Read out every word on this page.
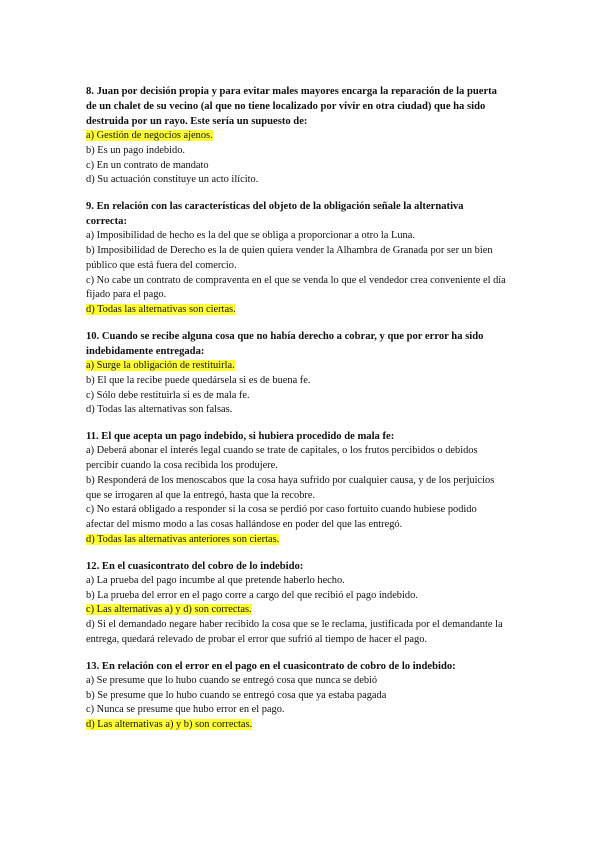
8. Juan por decisión propia y para evitar males mayores encarga la reparación de la puerta de un chalet de su vecino (al que no tiene localizado por vivir en otra ciudad) que ha sido destruida por un rayo. Este sería un supuesto de:

a) Gestión de negocios ajenos.

b) Es un pago indebido.

c) En un contrato de mandato

d) Su actuación constituye un acto ilícito.

9. En relación con las características del objeto de la obligación señale la alternativa correcta:

a) Imposibilidad de hecho es la del que se obliga a proporcionar a otro la Luna.

b) Imposibilidad de Derecho es la de quien quiera vender la Alhambra de Granada por ser un bien público que está fuera del comercio.

c) No cabe un contrato de compraventa en el que se venda lo que el vendedor crea conveniente el día fijado para el pago.

d) Todas las alternativas son ciertas.

10. Cuando se recibe alguna cosa que no había derecho a cobrar, y que por error ha sido indebidamente entregada:

a) Surge la obligación de restituirla.

b) El que la recibe puede quedársela si es de buena fe.

c) Sólo debe restituirla si es de mala fe.

d) Todas las alternativas son falsas.

11. El que acepta un pago indebido, si hubiera procedido de mala fe:

a) Deberá abonar el interés legal cuando se trate de capitales, o los frutos percibidos o debidos percibir cuando la cosa recibida los produjere.

b) Responderá de los menoscabos que la cosa haya sufrido por cualquier causa, y de los perjuicios que se irrogaren al que la entregó, hasta que la recobre.

c) No estará obligado a responder si la cosa se perdió por caso fortuito cuando hubiese podido afectar del mismo modo a las cosas hallándose en poder del que las entregó.

d) Todas las alternativas anteriores son ciertas.

12. En el cuasicontrato del cobro de lo indebido:

a) La prueba del pago incumbe al que pretende haberlo hecho.

b) La prueba del error en el pago corre a cargo del que recibió el pago indebido.

c) Las alternativas a) y d) son correctas.

d) Si el demandado negare haber recibido la cosa que se le reclama, justificada por el demandante la entrega, quedará relevado de probar el error que sufrió al tiempo de hacer el pago.

13. En relación con el error en el pago en el cuasicontrato de cobro de lo indebido:

a) Se presume que lo hubo cuando se entregó cosa que nunca se debió

b) Se presume que lo hubo cuando se entregó cosa que ya estaba pagada

c) Nunca se presume que hubo error en el pago.

d) Las alternativas a) y b) son correctas.
